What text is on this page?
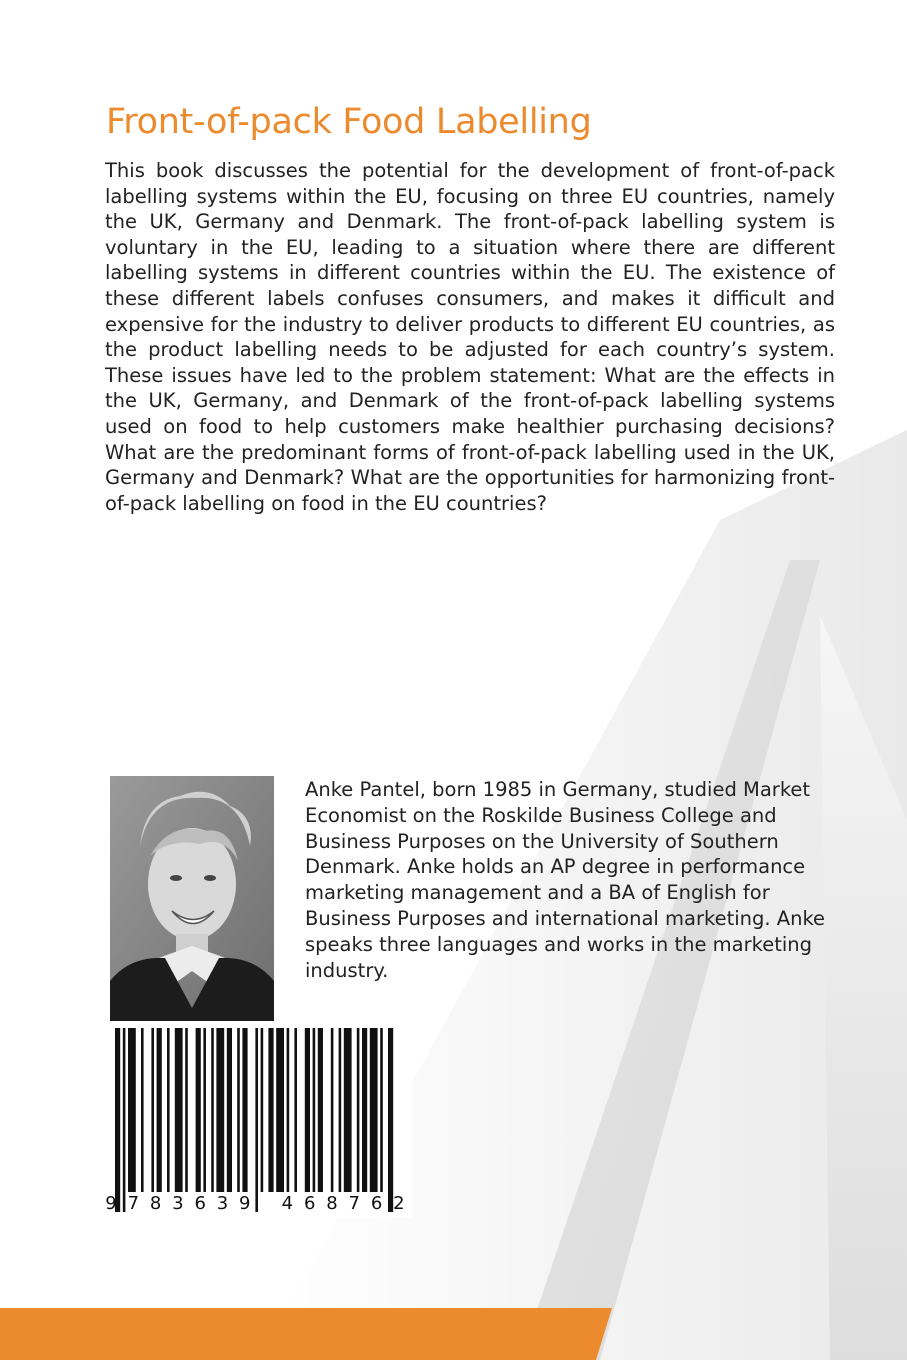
Front-of-pack Food Labelling

This book discusses the potential for the development of front-of-pack labelling systems within the EU, focusing on three EU countries, namely the UK, Germany and Denmark. The front-of-pack labelling system is voluntary in the EU, leading to a situation where there are different labelling systems in different countries within the EU. The existence of these different labels confuses consumers, and makes it difficult and expensive for the industry to deliver products to different EU countries, as the product labelling needs to be adjusted for each country’s system. These issues have led to the problem statement: What are the effects in the UK, Germany, and Denmark of the front-of-pack labelling systems used on food to help customers make healthier purchasing decisions? What are the predominant forms of front-of-pack labelling used in the UK, Germany and Denmark? What are the opportunities for harmonizing front-of-pack labelling on food in the EU countries?

Anke Pantel, born 1985 in Germany, studied Market Economist on the Roskilde Business College and Business Purposes on the University of Southern Denmark. Anke holds an AP degree in performance marketing management and a BA of English for Business Purposes and international marketing. Anke speaks three languages and works in the marketing industry.

9 7 8 3 6 3 9 4 6 8 7 6 2
